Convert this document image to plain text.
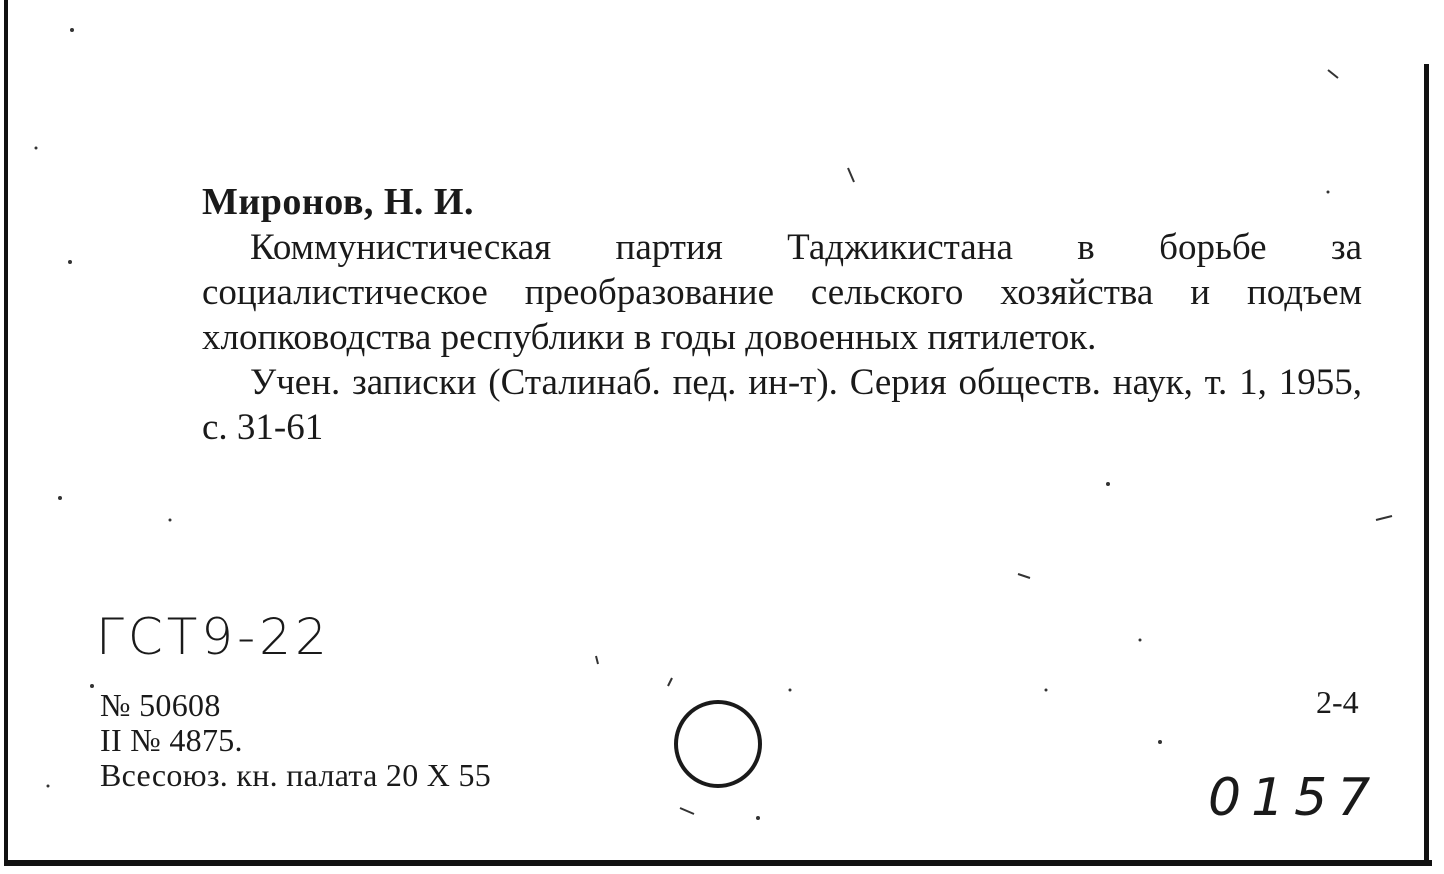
Миронов, Н. И.

Коммунистическая партия Таджикистана в борьбе за социалистическое преобразование сельского хозяйства и подъем хлопководства республики в годы довоенных пятилеток.

Учен. записки (Сталинаб. пед. ин-т). Серия обществ. наук, т. 1, 1955, с. 31-61

ГСТ9-22
№ 50608
II № 4875.
Всесоюз. кн. палата 20 X 55
2-4
0157
